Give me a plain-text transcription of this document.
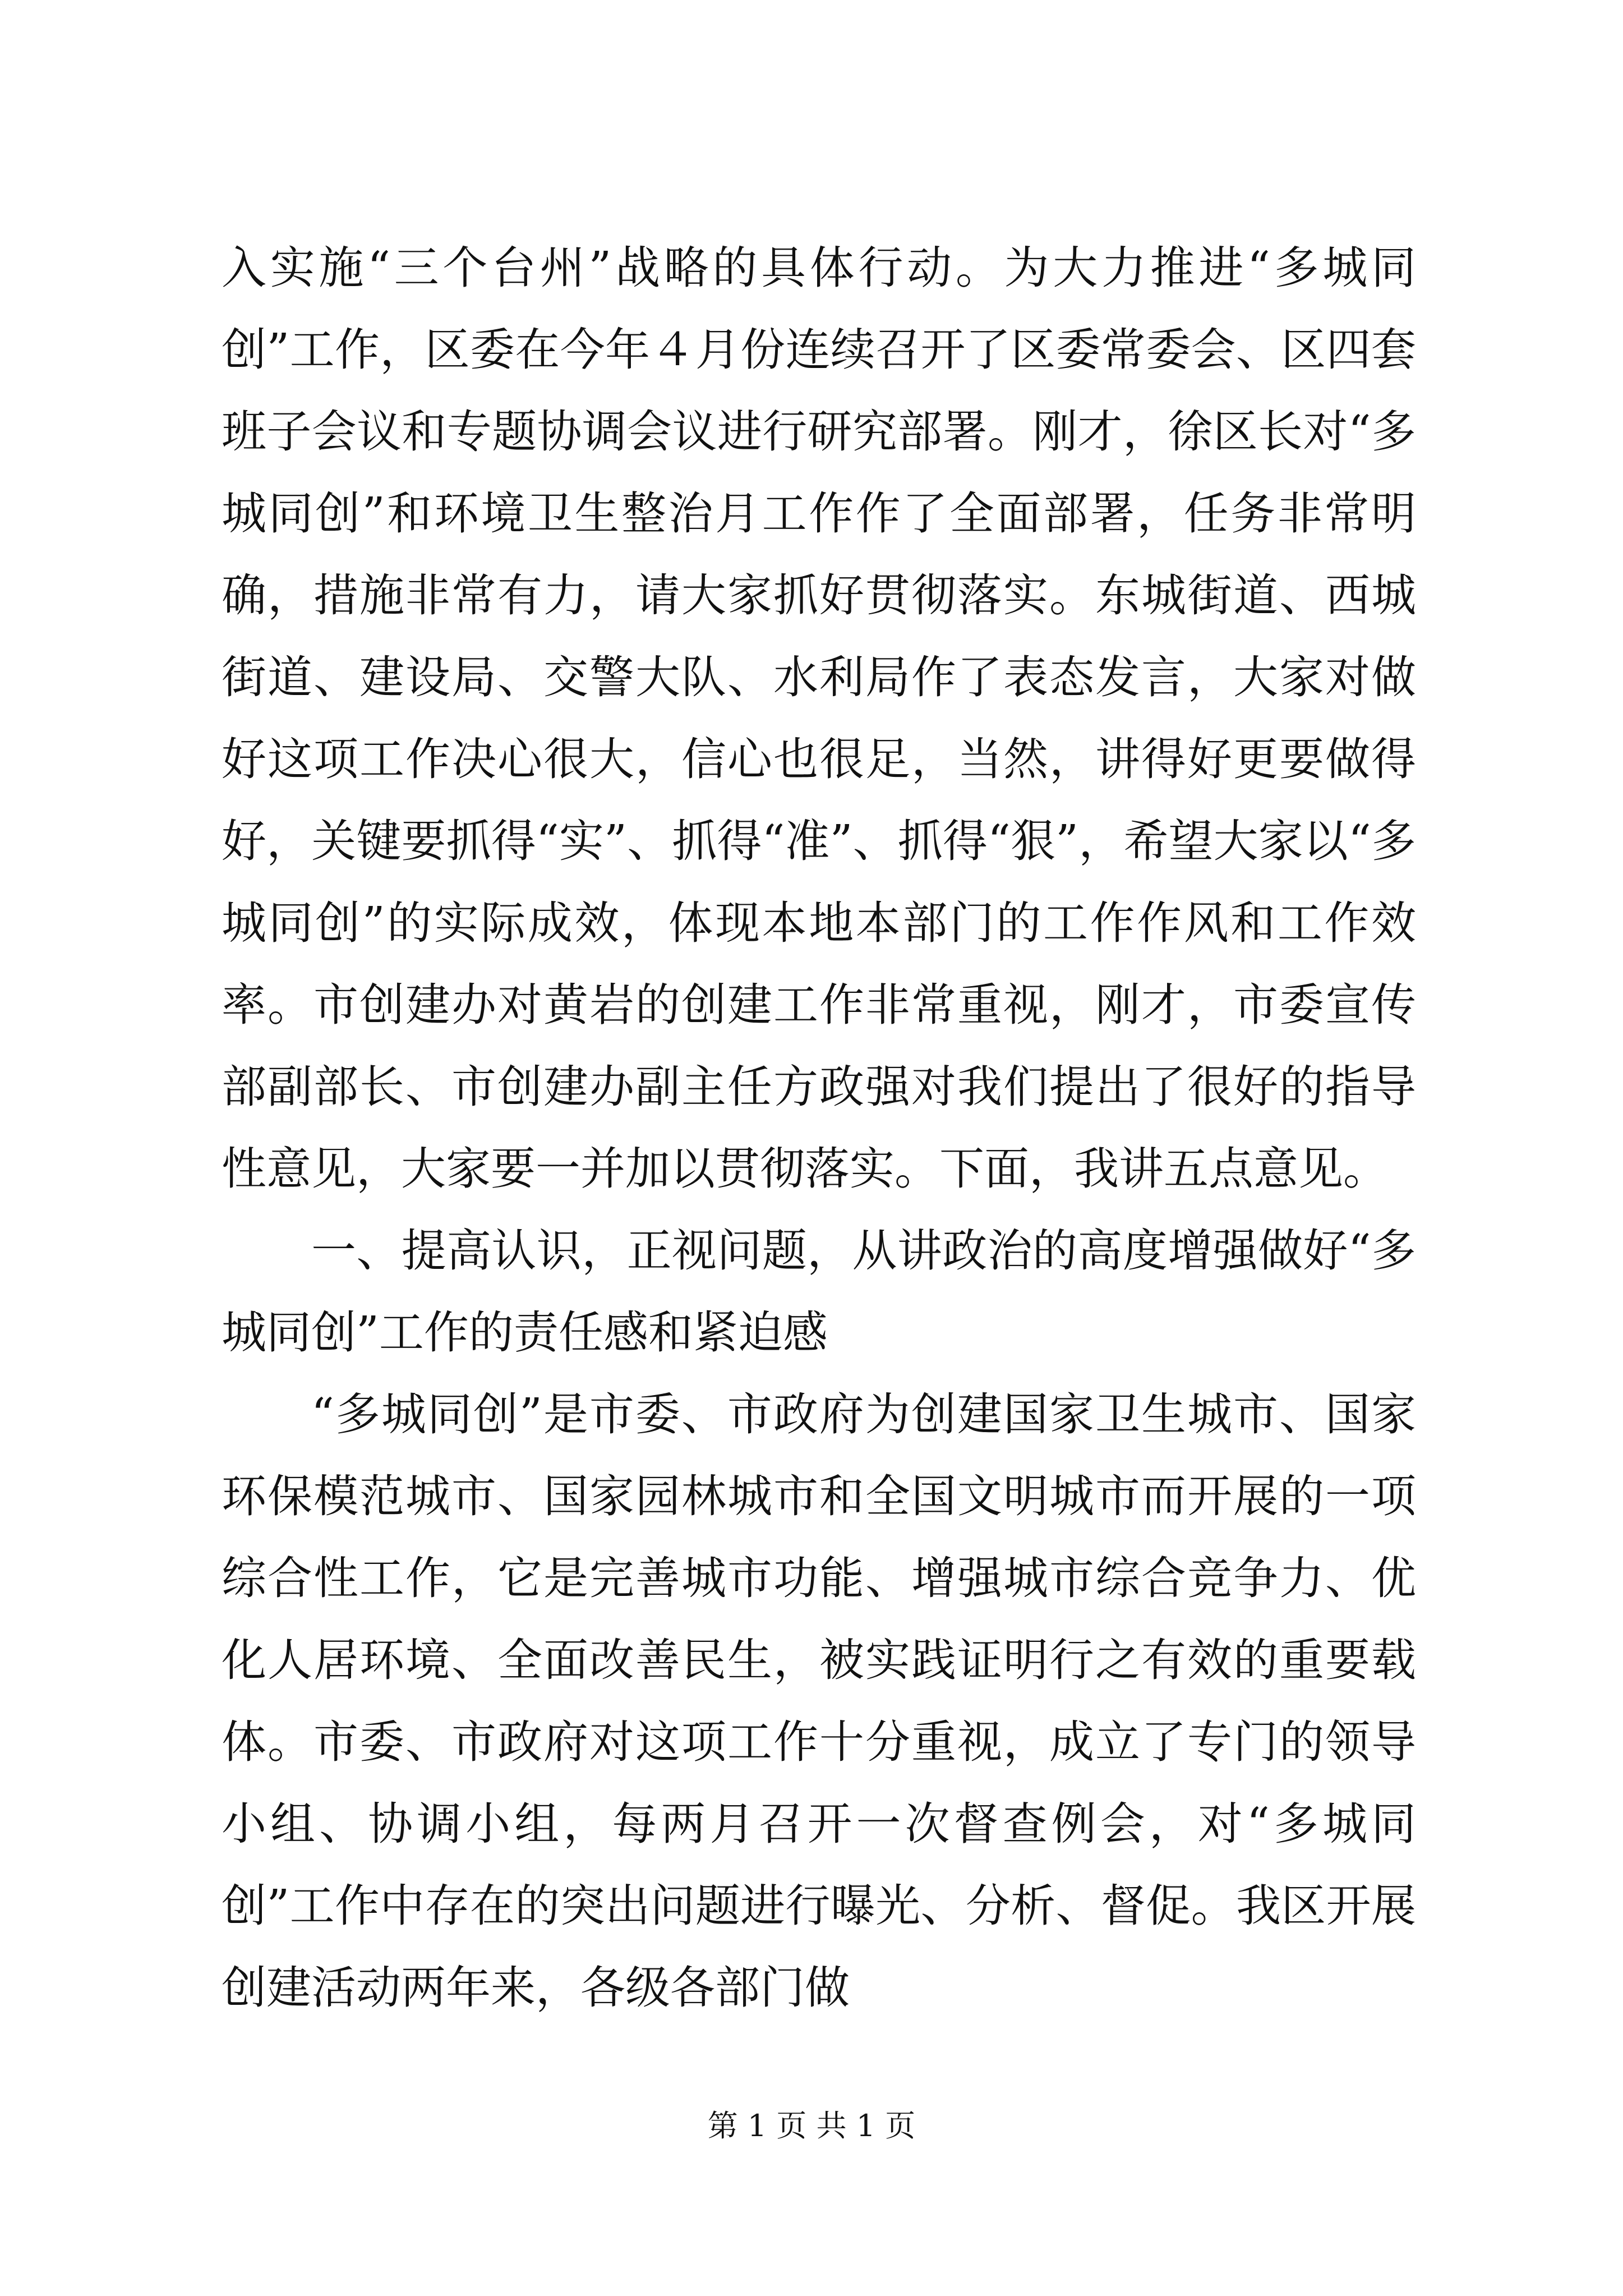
入实施“三个台州”战略的具体行动。为大力推进“多城同创”工作，区委在今年４月份连续召开了区委常委会、区四套班子会议和专题协调会议进行研究部署。刚才，徐区长对“多城同创”和环境卫生整治月工作作了全面部署，任务非常明确，措施非常有力，请大家抓好贯彻落实。东城街道、西城街道、建设局、交警大队、水利局作了表态发言，大家对做好这项工作决心很大，信心也很足，当然，讲得好更要做得好，关键要抓得“实”、抓得“准”、抓得“狠”，希望大家以“多城同创”的实际成效，体现本地本部门的工作作风和工作效率。市创建办对黄岩的创建工作非常重视，刚才，市委宣传部副部长、市创建办副主任方政强对我们提出了很好的指导性意见，大家要一并加以贯彻落实。下面，我讲五点意见。

一、提高认识，正视问题，从讲政治的高度增强做好“多城同创”工作的责任感和紧迫感

“多城同创”是市委、市政府为创建国家卫生城市、国家环保模范城市、国家园林城市和全国文明城市而开展的一项综合性工作，它是完善城市功能、增强城市综合竞争力、优化人居环境、全面改善民生，被实践证明行之有效的重要载体。市委、市政府对这项工作十分重视，成立了专门的领导小组、协调小组，每两月召开一次督查例会，对“多城同创”工作中存在的突出问题进行曝光、分析、督促。我区开展创建活动两年来，各级各部门做

第 1 页 共 1 页
